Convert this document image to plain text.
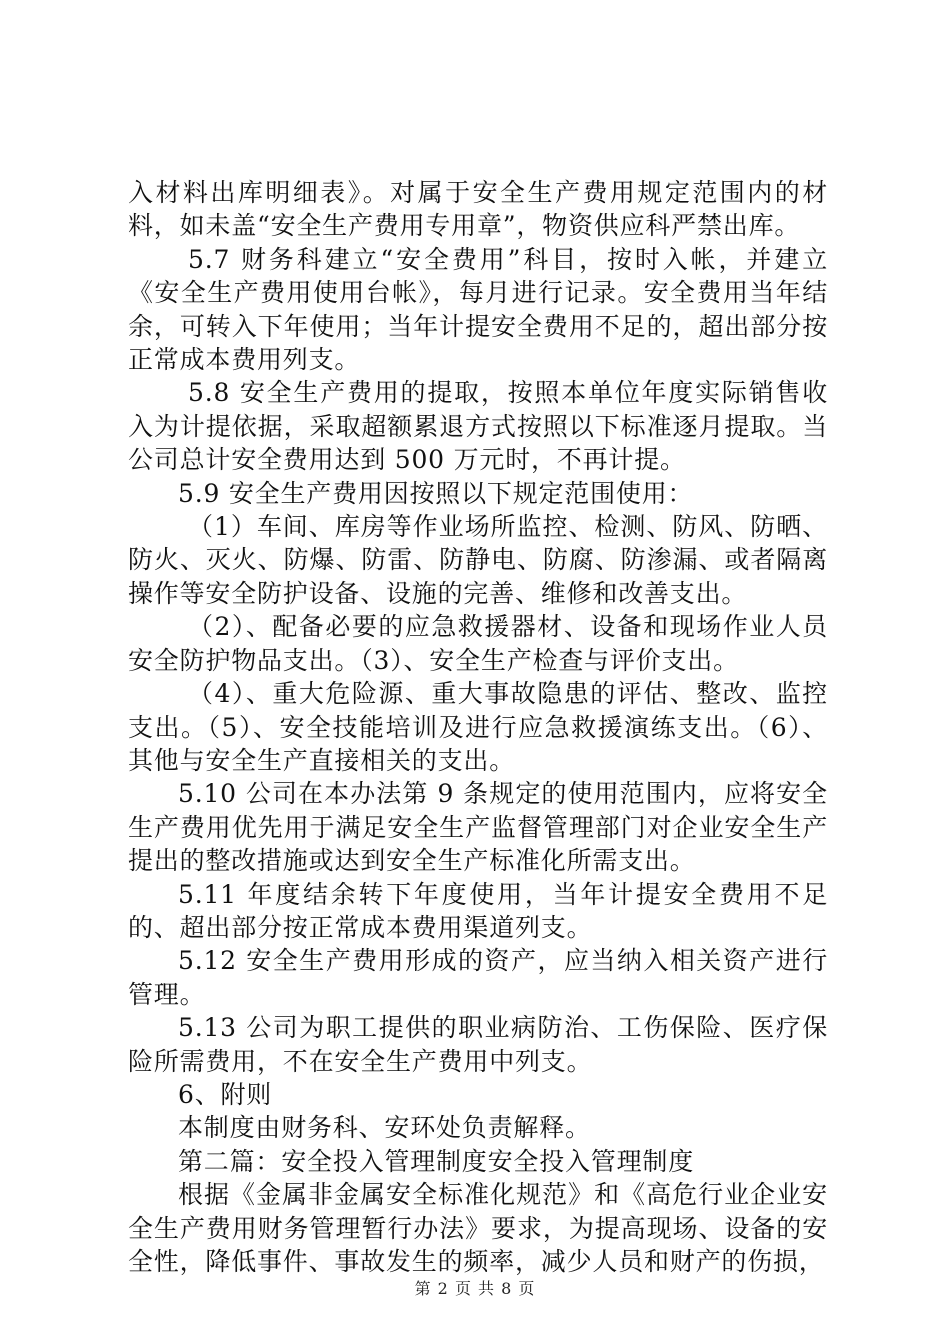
入材料出库明细表》。对属于安全生产费用规定范围内的材料，如未盖“安全生产费用专用章”，物资供应科严禁出库。

5.7 财务科建立“安全费用”科目，按时入帐，并建立《安全生产费用使用台帐》，每月进行记录。安全费用当年结余，可转入下年使用；当年计提安全费用不足的，超出部分按正常成本费用列支。

5.8 安全生产费用的提取，按照本单位年度实际销售收入为计提依据，采取超额累退方式按照以下标准逐月提取。当公司总计安全费用达到 500 万元时，不再计提。

5.9 安全生产费用因按照以下规定范围使用：

（1）车间、库房等作业场所监控、检测、防风、防晒、防火、灭火、防爆、防雷、防静电、防腐、防渗漏、或者隔离操作等安全防护设备、设施的完善、维修和改善支出。

（2）、配备必要的应急救援器材、设备和现场作业人员安全防护物品支出。（3）、安全生产检查与评价支出。

（4）、重大危险源、重大事故隐患的评估、整改、监控支出。（5）、安全技能培训及进行应急救援演练支出。（6）、其他与安全生产直接相关的支出。

5.10 公司在本办法第 9 条规定的使用范围内，应将安全生产费用优先用于满足安全生产监督管理部门对企业安全生产提出的整改措施或达到安全生产标准化所需支出。

5.11 年度结余转下年度使用，当年计提安全费用不足的、超出部分按正常成本费用渠道列支。

5.12 安全生产费用形成的资产，应当纳入相关资产进行管理。

5.13 公司为职工提供的职业病防治、工伤保险、医疗保险所需费用，不在安全生产费用中列支。

6、附则

本制度由财务科、安环处负责解释。

第二篇：安全投入管理制度安全投入管理制度

根据《金属非金属安全标准化规范》和《高危行业企业安全生产费用财务管理暂行办法》要求，为提高现场、设备的安全性，降低事件、事故发生的频率，减少人员和财产的伤损，

第 2 页 共 8 页
